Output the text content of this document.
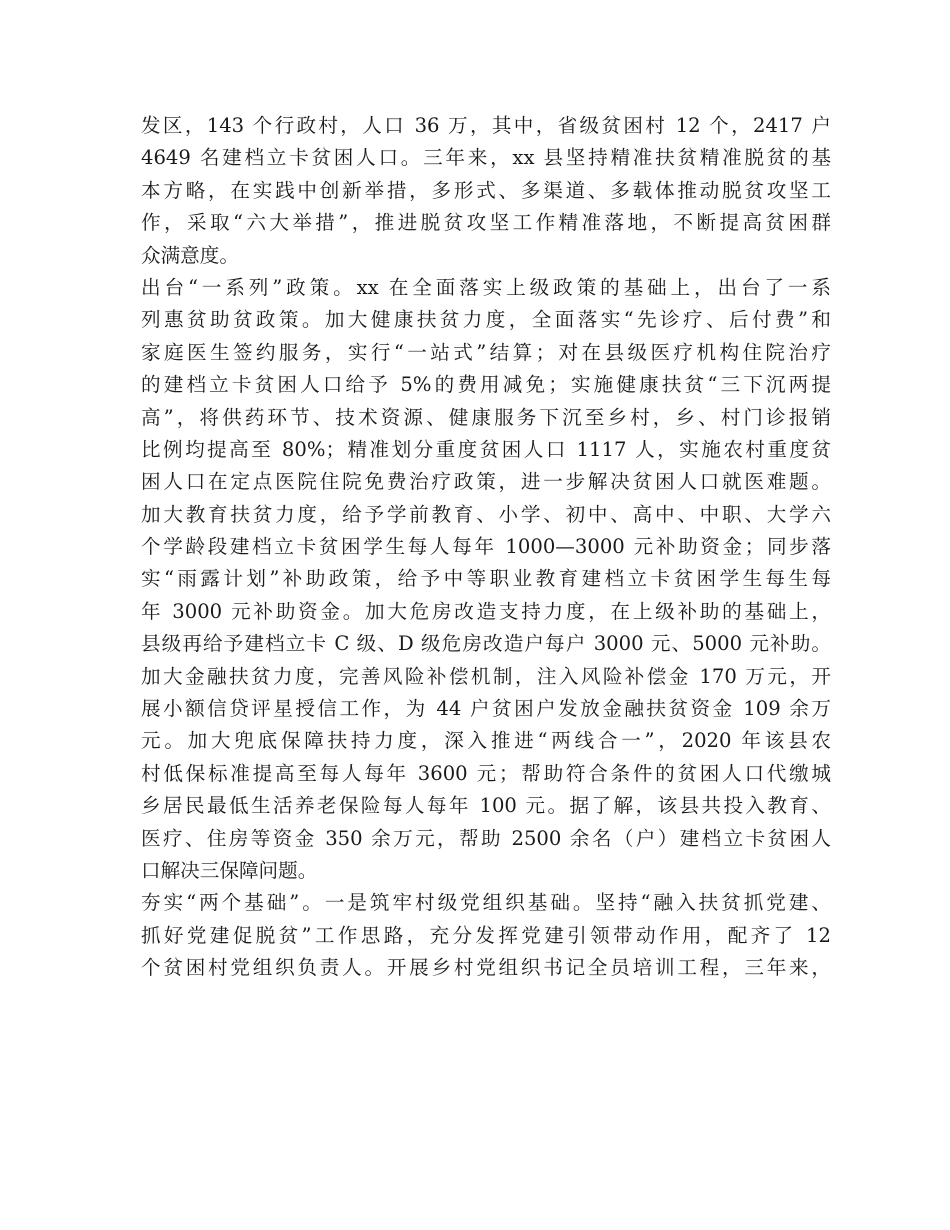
发区，143 个行政村，人口 36 万，其中，省级贫困村 12 个，2417 户
4649 名建档立卡贫困人口。三年来，xx 县坚持精准扶贫精准脱贫的基
本方略，在实践中创新举措，多形式、多渠道、多载体推动脱贫攻坚工
作，采取“六大举措”，推进脱贫攻坚工作精准落地，不断提高贫困群
众满意度。
出台“一系列”政策。xx 在全面落实上级政策的基础上，出台了一系
列惠贫助贫政策。加大健康扶贫力度，全面落实“先诊疗、后付费”和
家庭医生签约服务，实行“一站式”结算；对在县级医疗机构住院治疗
的建档立卡贫困人口给予 5%的费用减免；实施健康扶贫“三下沉两提
高”，将供药环节、技术资源、健康服务下沉至乡村，乡、村门诊报销
比例均提高至 80%；精准划分重度贫困人口 1117 人，实施农村重度贫
困人口在定点医院住院免费治疗政策，进一步解决贫困人口就医难题。
加大教育扶贫力度，给予学前教育、小学、初中、高中、中职、大学六
个学龄段建档立卡贫困学生每人每年 1000—3000 元补助资金；同步落
实“雨露计划”补助政策，给予中等职业教育建档立卡贫困学生每生每
年 3000 元补助资金。加大危房改造支持力度，在上级补助的基础上，
县级再给予建档立卡 C 级、D 级危房改造户每户 3000 元、5000 元补助。
加大金融扶贫力度，完善风险补偿机制，注入风险补偿金 170 万元，开
展小额信贷评星授信工作，为 44 户贫困户发放金融扶贫资金 109 余万
元。加大兜底保障扶持力度，深入推进“两线合一”，2020 年该县农
村低保标准提高至每人每年 3600 元；帮助符合条件的贫困人口代缴城
乡居民最低生活养老保险每人每年 100 元。据了解，该县共投入教育、
医疗、住房等资金 350 余万元，帮助 2500 余名（户）建档立卡贫困人
口解决三保障问题。
夯实“两个基础”。一是筑牢村级党组织基础。坚持“融入扶贫抓党建、
抓好党建促脱贫”工作思路，充分发挥党建引领带动作用，配齐了 12
个贫困村党组织负责人。开展乡村党组织书记全员培训工程，三年来，
